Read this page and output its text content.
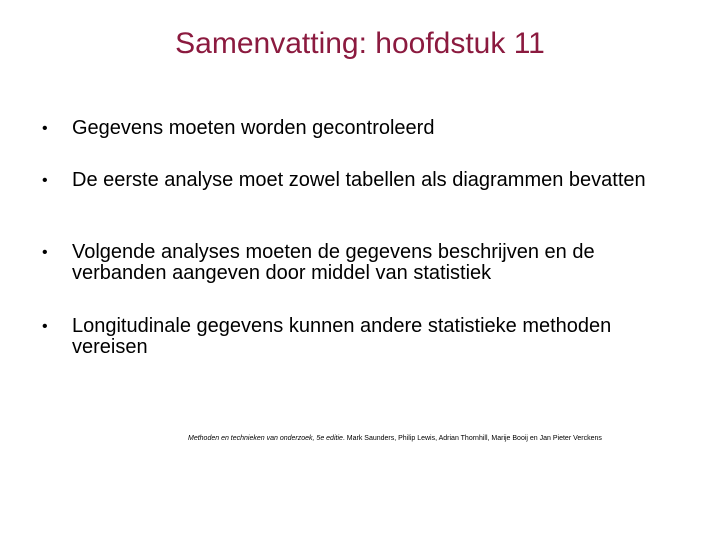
Samenvatting: hoofdstuk 11
• Gegevens moeten worden gecontroleerd
• De eerste analyse moet zowel tabellen als diagrammen bevatten
• Volgende analyses moeten de gegevens beschrijven en de verbanden aangeven door middel van statistiek
• Longitudinale gegevens kunnen andere statistieke methoden vereisen
Methoden en technieken van onderzoek, 5e editie. Mark Saunders, Philip Lewis, Adrian Thornhill, Marije Booij en Jan Pieter Verckens
